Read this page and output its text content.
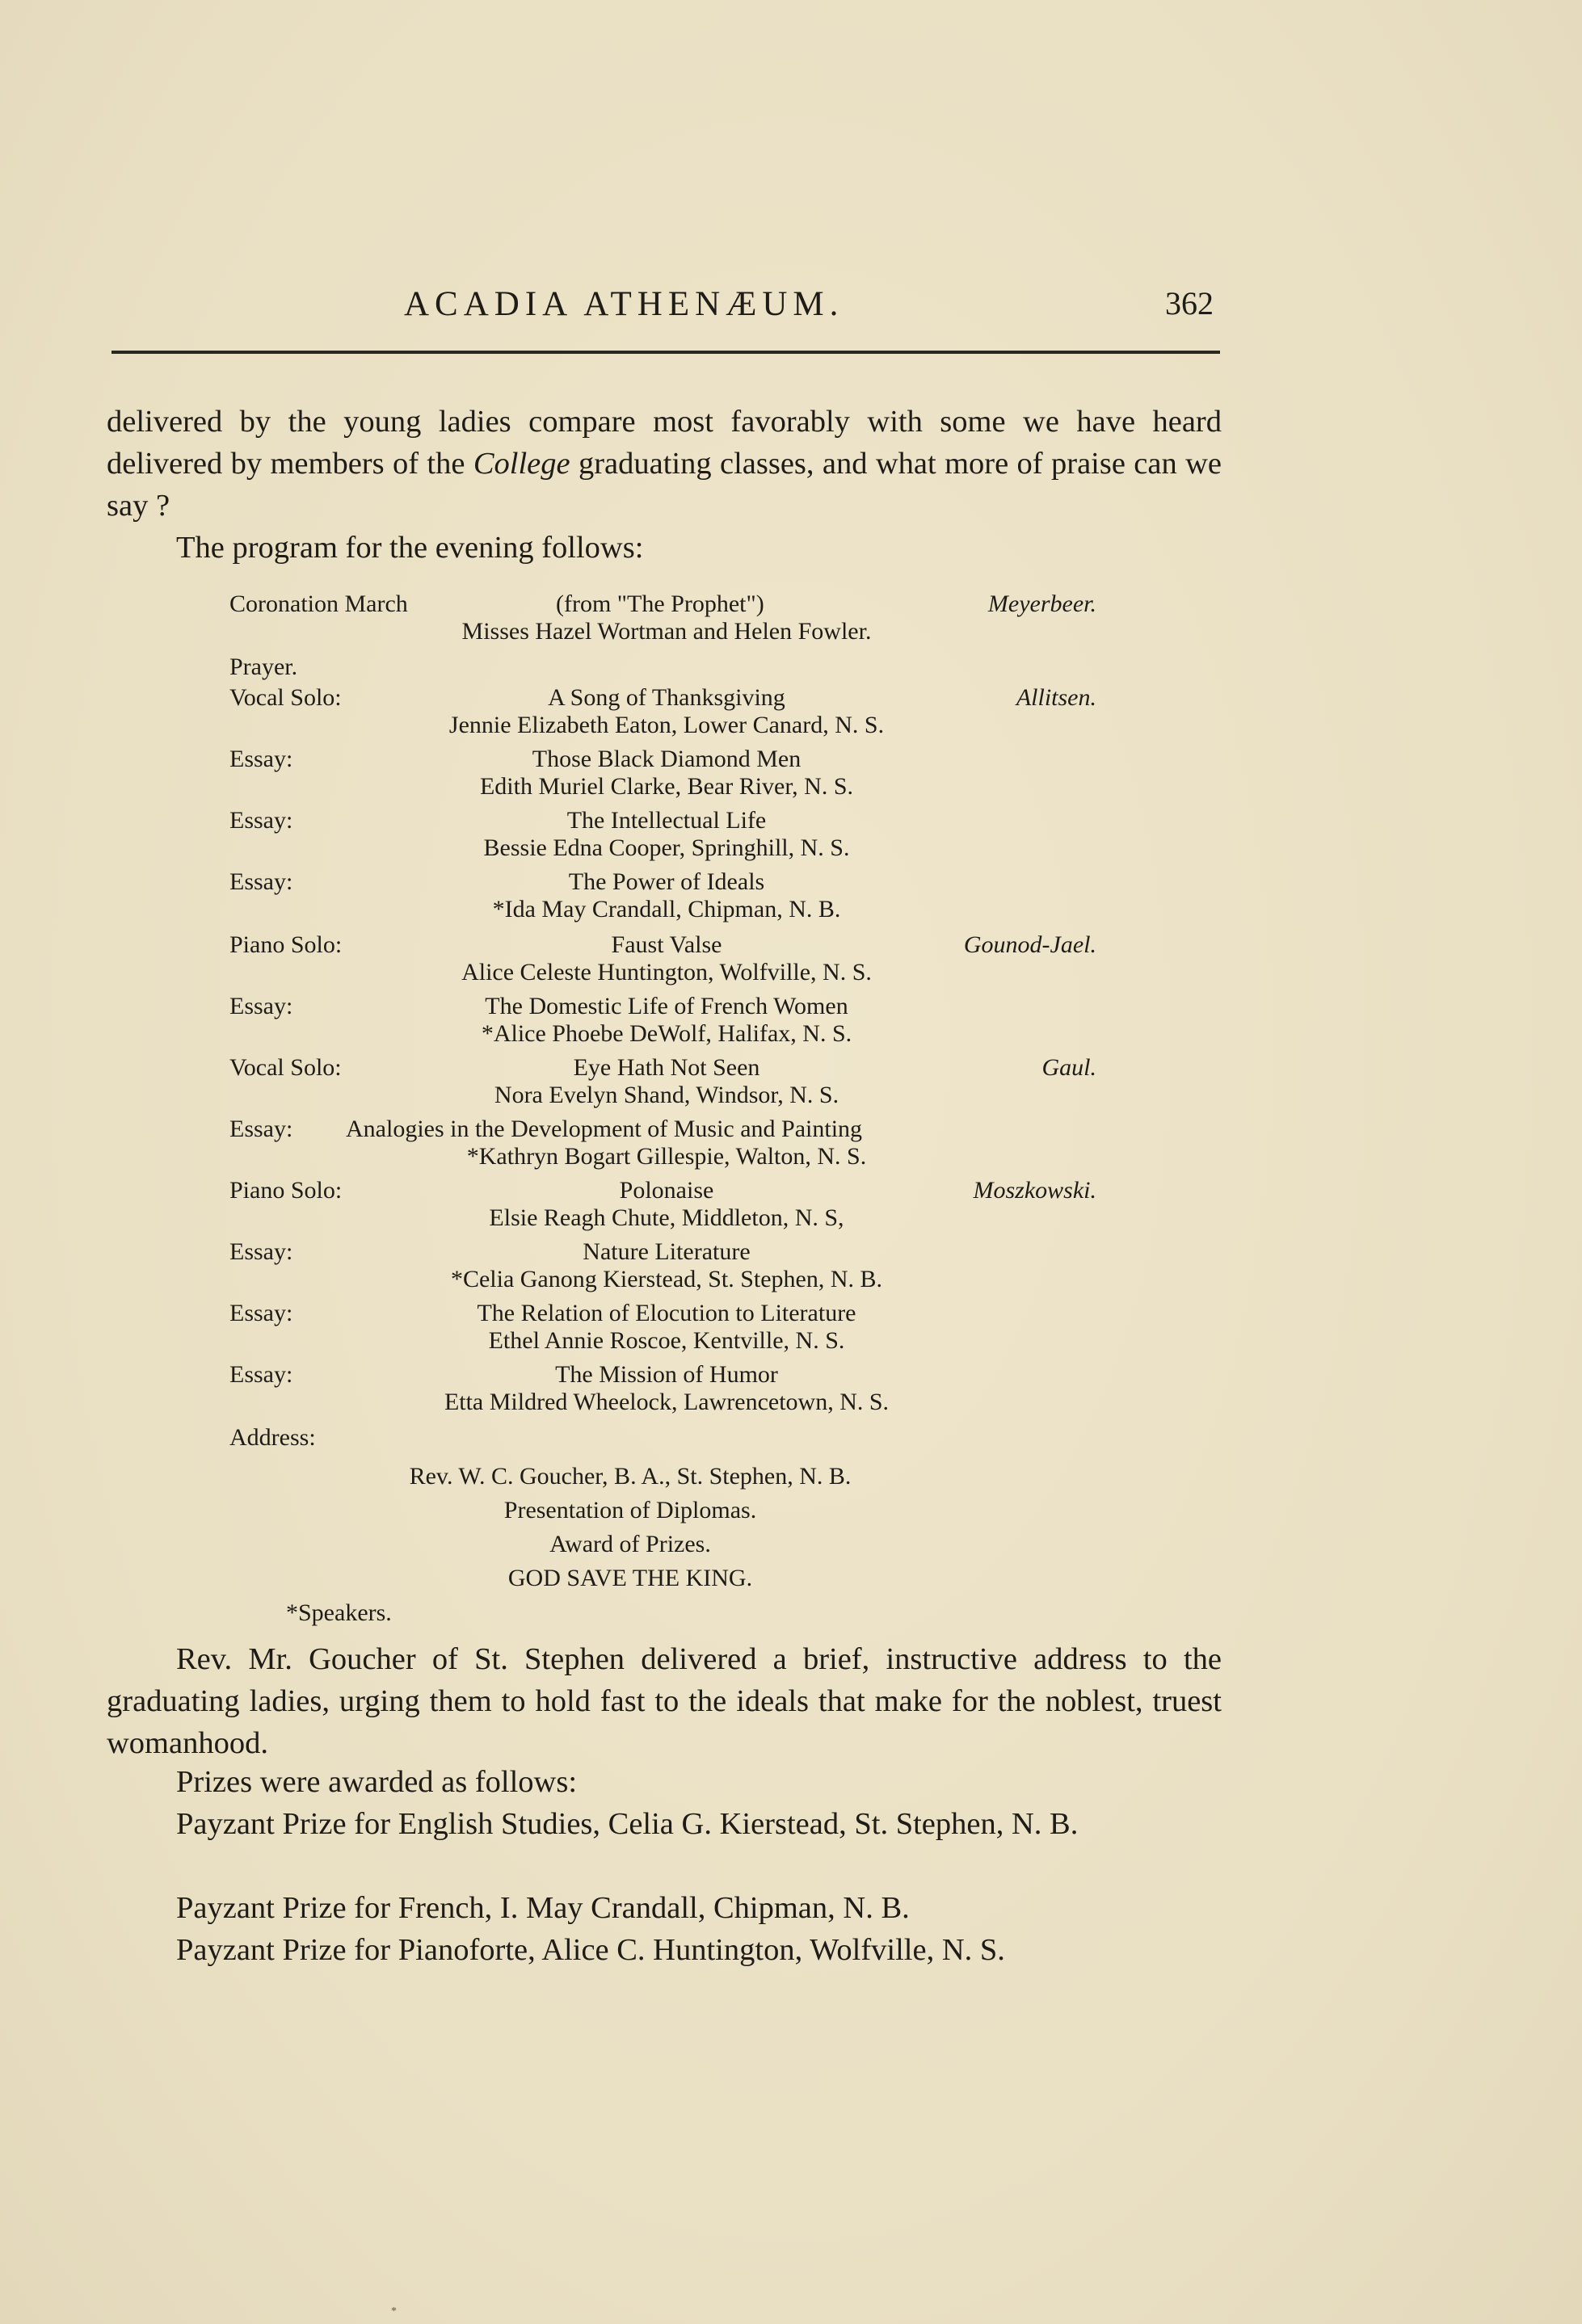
ACADIA ATHENÆUM.	362
delivered by the young ladies compare most favorably with some we have heard delivered by members of the College graduating classes, and what more of praise can we say ?
The program for the evening follows:
Coronation March	(from "The Prophet")	Meyerbeer.
Misses Hazel Wortman and Helen Fowler.
Prayer.
Vocal Solo:	A Song of Thanksgiving	Allitsen.
Jennie Elizabeth Eaton, Lower Canard, N. S.
Essay:	Those Black Diamond Men
Edith Muriel Clarke, Bear River, N. S.
Essay:	The Intellectual Life
Bessie Edna Cooper, Springhill, N. S.
Essay:	The Power of Ideals
*Ida May Crandall, Chipman, N. B.
Piano Solo:	Faust Valse	Gounod-Jael.
Alice Celeste Huntington, Wolfville, N. S.
Essay:	The Domestic Life of French Women
*Alice Phoebe DeWolf, Halifax, N. S.
Vocal Solo:	Eye Hath Not Seen	Gaul.
Nora Evelyn Shand, Windsor, N. S.
Essay: Analogies in the Development of Music and Painting
*Kathryn Bogart Gillespie, Walton, N. S.
Piano Solo:	Polonaise	Moszkowski.
Elsie Reagh Chute, Middleton, N. S,
Essay:	Nature Literature
*Celia Ganong Kierstead, St. Stephen, N. B.
Essay:	The Relation of Elocution to Literature
Ethel Annie Roscoe, Kentville, N. S.
Essay:	The Mission of Humor
Etta Mildred Wheelock, Lawrencetown, N. S.
Address:
Rev. W. C. Goucher, B. A., St. Stephen, N. B.
Presentation of Diplomas.
Award of Prizes.
GOD SAVE THE KING.
*Speakers.
Rev. Mr. Goucher of St. Stephen delivered a brief, instructive address to the graduating ladies, urging them to hold fast to the ideals that make for the noblest, truest womanhood.
Prizes were awarded as follows:
Payzant Prize for English Studies, Celia G. Kierstead, St. Stephen, N. B.
Payzant Prize for French, I. May Crandall, Chipman, N. B.
Payzant Prize for Pianoforte, Alice C. Huntington, Wolfville, N. S.
*
